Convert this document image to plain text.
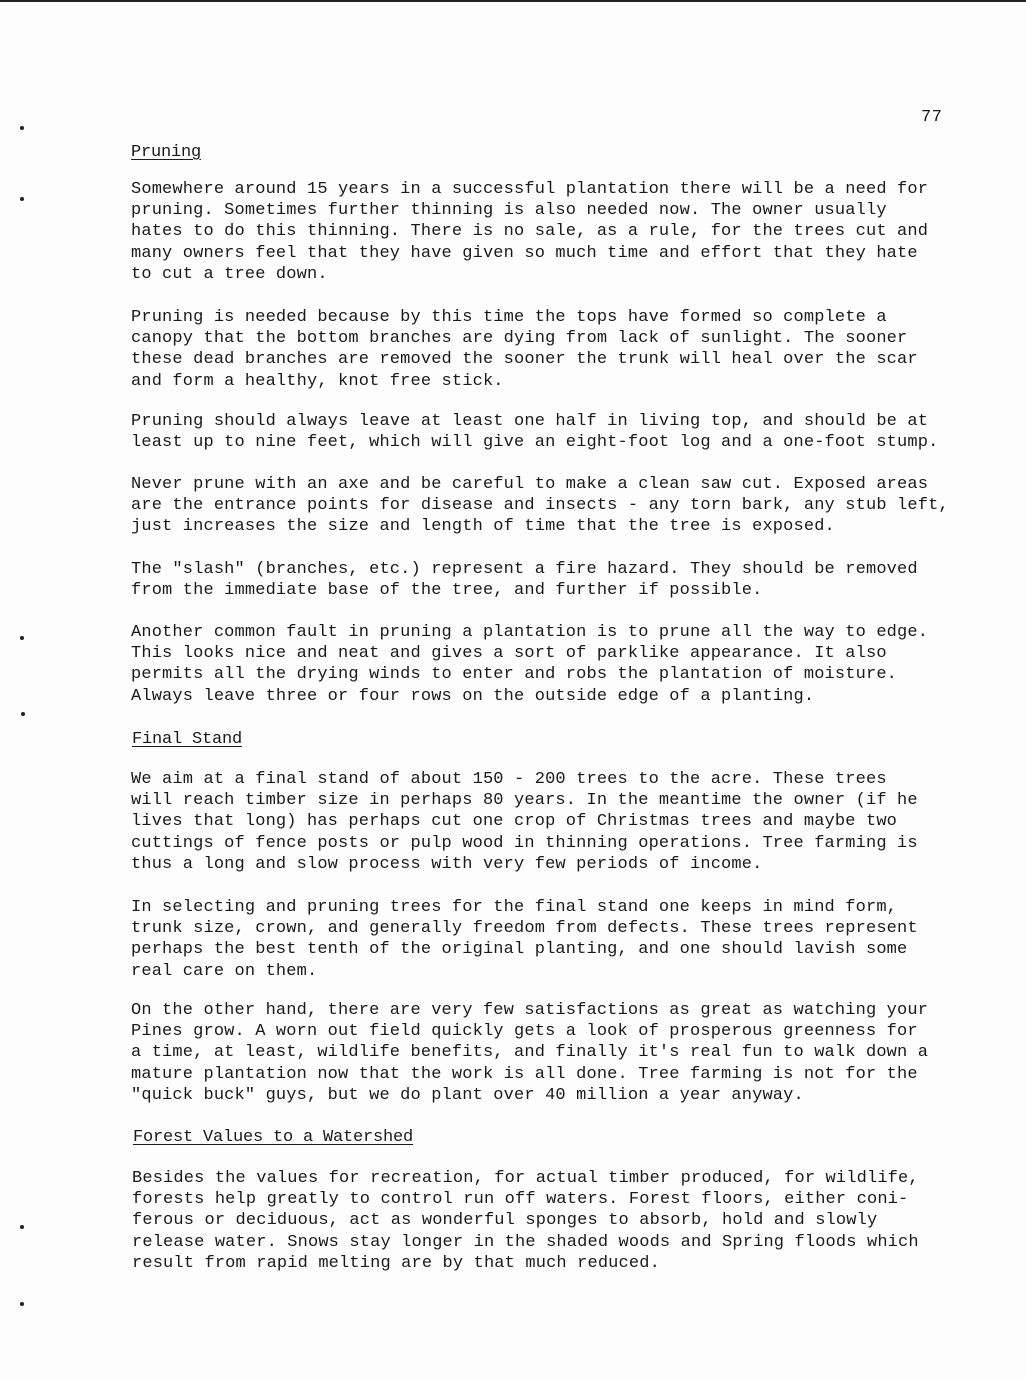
77
Pruning
Somewhere around 15 years in a successful plantation there will be a need for
pruning. Sometimes further thinning is also needed now. The owner usually
hates to do this thinning. There is no sale, as a rule, for the trees cut and
many owners feel that they have given so much time and effort that they hate
to cut a tree down.
Pruning is needed because by this time the tops have formed so complete a
canopy that the bottom branches are dying from lack of sunlight. The sooner
these dead branches are removed the sooner the trunk will heal over the scar
and form a healthy, knot free stick.
Pruning should always leave at least one half in living top, and should be at
least up to nine feet, which will give an eight-foot log and a one-foot stump.
Never prune with an axe and be careful to make a clean saw cut. Exposed areas
are the entrance points for disease and insects - any torn bark, any stub left,
just increases the size and length of time that the tree is exposed.
The "slash" (branches, etc.) represent a fire hazard. They should be removed
from the immediate base of the tree, and further if possible.
Another common fault in pruning a plantation is to prune all the way to edge.
This looks nice and neat and gives a sort of parklike appearance. It also
permits all the drying winds to enter and robs the plantation of moisture.
Always leave three or four rows on the outside edge of a planting.
Final Stand
We aim at a final stand of about 150 - 200 trees to the acre. These trees
will reach timber size in perhaps 80 years. In the meantime the owner (if he
lives that long) has perhaps cut one crop of Christmas trees and maybe two
cuttings of fence posts or pulp wood in thinning operations. Tree farming is
thus a long and slow process with very few periods of income.
In selecting and pruning trees for the final stand one keeps in mind form,
trunk size, crown, and generally freedom from defects. These trees represent
perhaps the best tenth of the original planting, and one should lavish some
real care on them.
On the other hand, there are very few satisfactions as great as watching your
Pines grow. A worn out field quickly gets a look of prosperous greenness for
a time, at least, wildlife benefits, and finally it's real fun to walk down a
mature plantation now that the work is all done. Tree farming is not for the
"quick buck" guys, but we do plant over 40 million a year anyway.
Forest Values to a Watershed
Besides the values for recreation, for actual timber produced, for wildlife,
forests help greatly to control run off waters. Forest floors, either coni-
ferous or deciduous, act as wonderful sponges to absorb, hold and slowly
release water. Snows stay longer in the shaded woods and Spring floods which
result from rapid melting are by that much reduced.
